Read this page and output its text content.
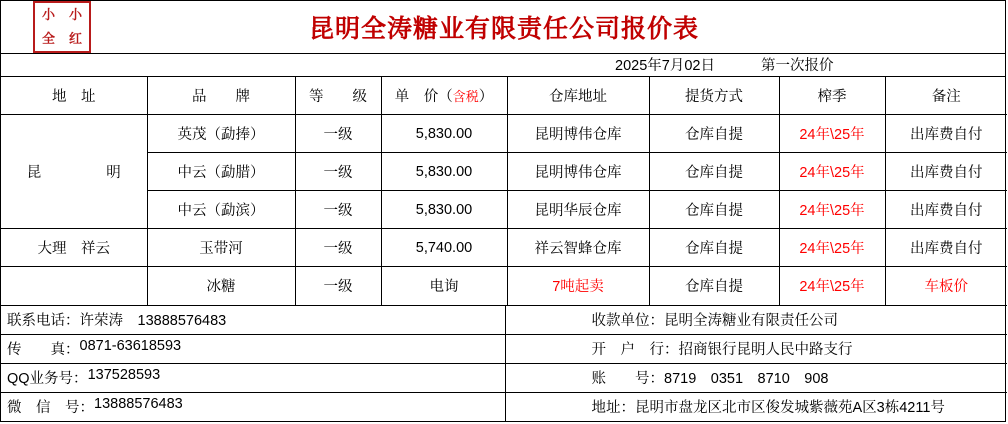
小	小
全	红	昆明全涛糖业有限责任公司报价表
2025年7月02日	第一次报价
地　址	品　　牌	等　　级	单　价（含税）	仓库地址	提货方式	榨季	备注
昆　　明	英茂（勐捧）	一级	5,830.00	昆明博伟仓库	仓库自提	24年\25年	出库费自付
	中云（勐腊）	一级	5,830.00	昆明博伟仓库	仓库自提	24年\25年	出库费自付
	中云（勐滨）	一级	5,830.00	昆明华辰仓库	仓库自提	24年\25年	出库费自付
大理　祥云	玉带河	一级	5,740.00	祥云智蜂仓库	仓库自提	24年\25年	出库费自付
	冰糖	一级	电询	7吨起卖	仓库自提	24年\25年	车板价
联系电话： 许荣涛　13888576483	收款单位： 昆明全涛糖业有限责任公司

传　　真： 0871-63618593	开　户　行： 招商银行昆明人民中路支行

QQ业务号： 137528593	账　　号： 8719　0351　8710　908

微　信　号： 13888576483	地址： 昆明市盘龙区北市区俊发城紫薇苑A区3栋4211号
